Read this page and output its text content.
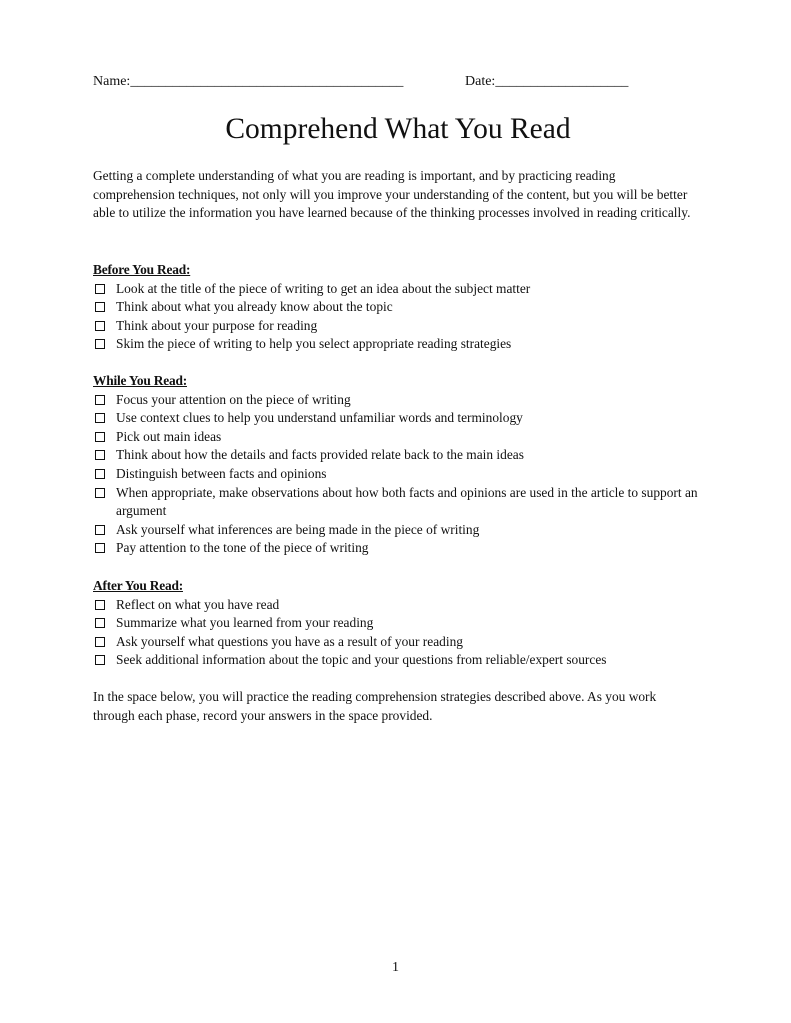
Name:_______________________________________	Date:___________________
Comprehend What You Read
Getting a complete understanding of what you are reading is important, and by practicing reading comprehension techniques, not only will you improve your understanding of the content, but you will be better able to utilize the information you have learned because of the thinking processes involved in reading critically.
Before You Read:
Look at the title of the piece of writing to get an idea about the subject matter
Think about what you already know about the topic
Think about your purpose for reading
Skim the piece of writing to help you select appropriate reading strategies
While You Read:
Focus your attention on the piece of writing
Use context clues to help you understand unfamiliar words and terminology
Pick out main ideas
Think about how the details and facts provided relate back to the main ideas
Distinguish between facts and opinions
When appropriate, make observations about how both facts and opinions are used in the article to support an argument
Ask yourself what inferences are being made in the piece of writing
Pay attention to the tone of the piece of writing
After You Read:
Reflect on what you have read
Summarize what you learned from your reading
Ask yourself what questions you have as a result of your reading
Seek additional information about the topic and your questions from reliable/expert sources
In the space below, you will practice the reading comprehension strategies described above. As you work through each phase, record your answers in the space provided.
1
